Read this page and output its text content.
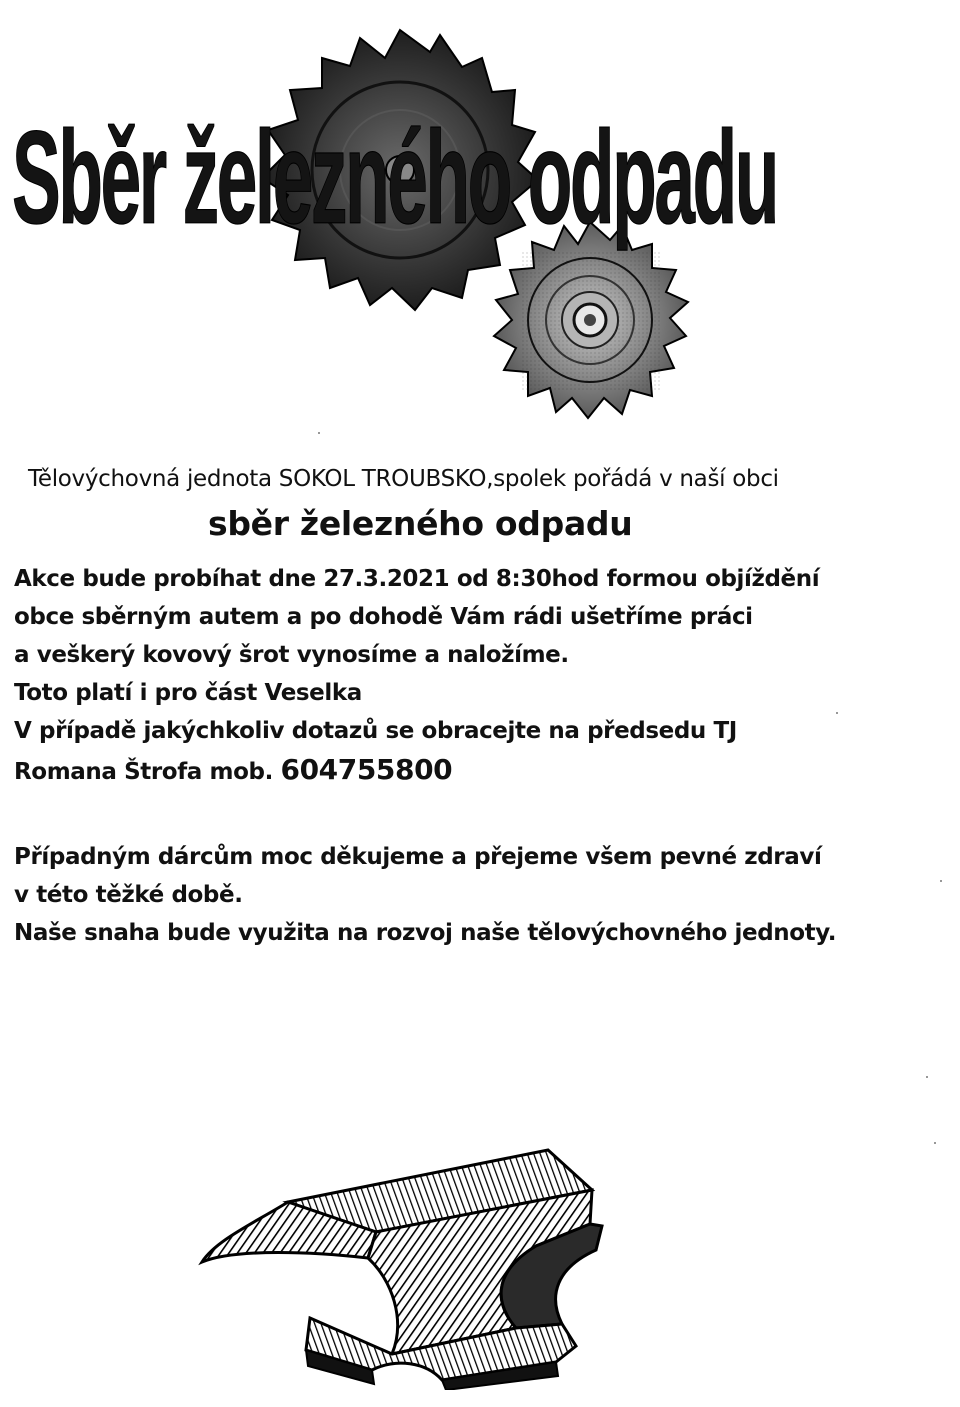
Sběr železného odpadu
Tělovýchovná jednota SOKOL TROUBSKO,spolek pořádá v naší obci
sběr železného odpadu
Akce bude probíhat dne 27.3.2021 od 8:30hod formou objíždění
obce sběrným autem a po dohodě Vám rádi ušetříme práci
a veškerý kovový šrot vynosíme a naložíme.
Toto platí i pro část Veselka
V případě jakýchkoliv dotazů se obracejte na předsedu TJ
Romana Štrofa mob. 604755800
Případným dárcům moc děkujeme a přejeme všem pevné zdraví
v této těžké době.
Naše snaha bude využita na rozvoj naše tělovýchovného jednoty.
